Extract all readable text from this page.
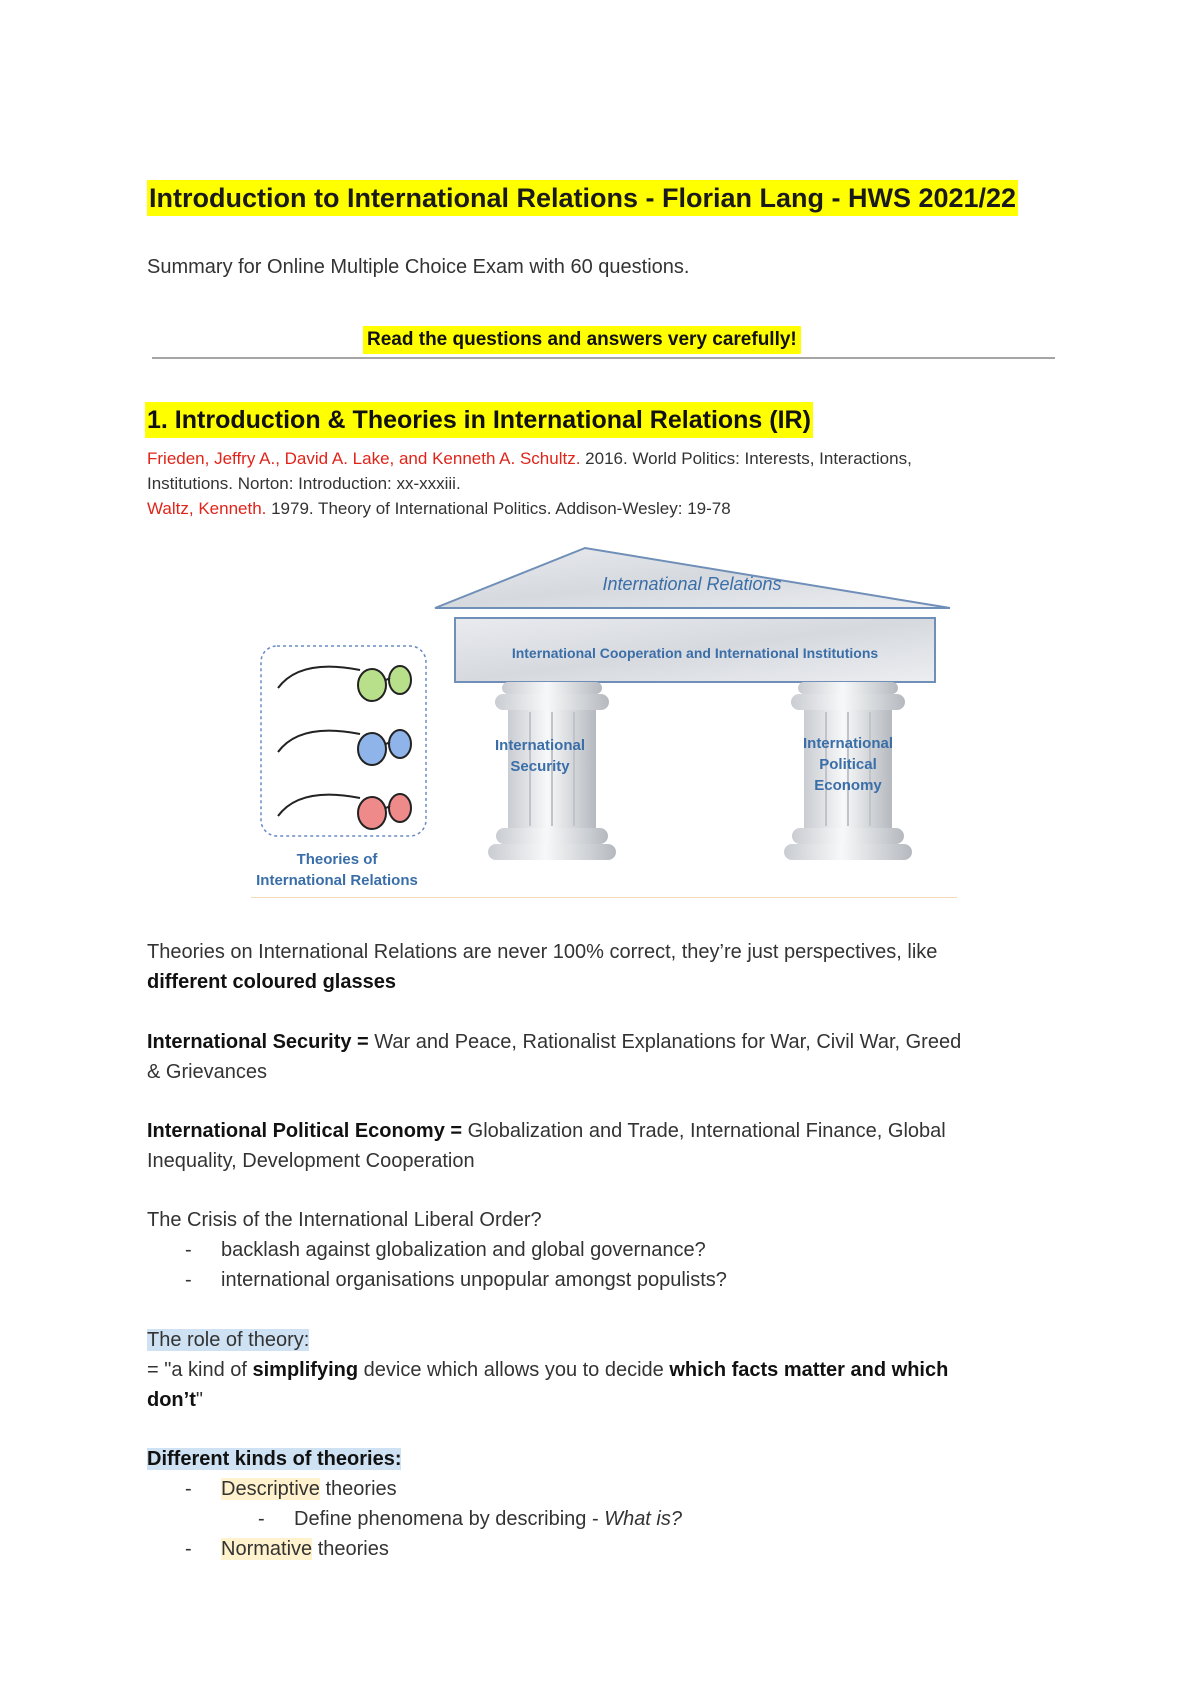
Introduction to International Relations - Florian Lang - HWS 2021/22
Summary for Online Multiple Choice Exam with 60 questions.
Read the questions and answers very carefully!
1. Introduction & Theories in International Relations (IR)
Frieden, Jeffry A., David A. Lake, and Kenneth A. Schultz. 2016. World Politics: Interests, Interactions,
Institutions. Norton: Introduction: xx-xxxiii.
Waltz, Kenneth. 1979. Theory of International Politics. Addison-Wesley: 19-78
International Relations
International Cooperation and International Institutions
International
Security
International
Political
Economy
Theories of
International Relations
Theories on International Relations are never 100% correct, they’re just perspectives, like
different coloured glasses
International Security = War and Peace, Rationalist Explanations for War, Civil War, Greed
& Grievances
International Political Economy = Globalization and Trade, International Finance, Global
Inequality, Development Cooperation
The Crisis of the International Liberal Order?
- backlash against globalization and global governance?
- international organisations unpopular amongst populists?
The role of theory:
= "a kind of simplifying device which allows you to decide which facts matter and which
don’t"
Different kinds of theories:
- Descriptive theories
- Define phenomena by describing - What is?
- Normative theories
